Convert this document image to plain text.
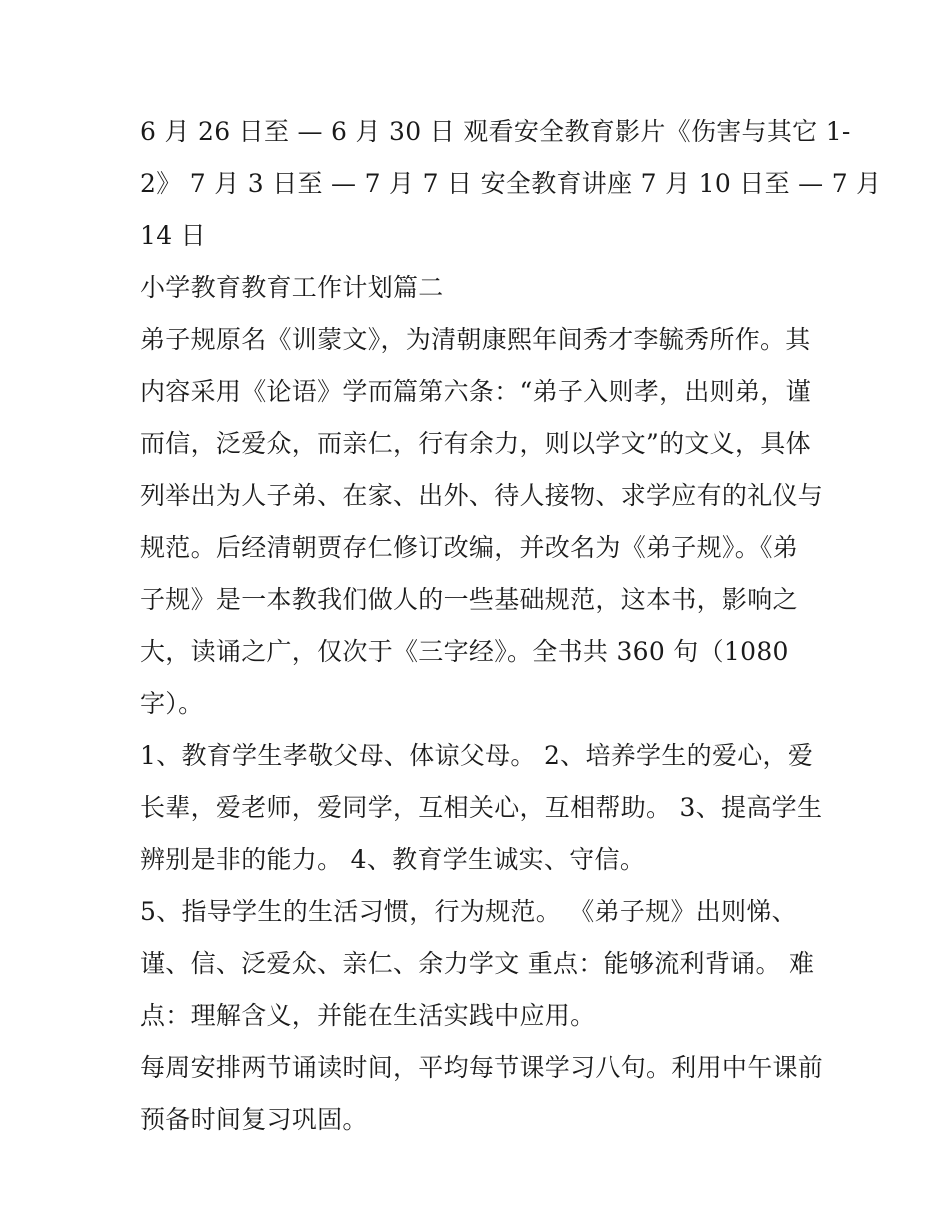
6 月 26 日至 — 6 月 30 日 观看安全教育影片《伤害与其它 1-
2》 7 月 3 日至 — 7 月 7 日 安全教育讲座 7 月 10 日至 — 7 月
14 日

小学教育教育工作计划篇二

弟子规原名《训蒙文》，为清朝康熙年间秀才李毓秀所作。其
内容采用《论语》学而篇第六条：“弟子入则孝，出则弟，谨
而信，泛爱众，而亲仁，行有余力，则以学文”的文义，具体
列举出为人子弟、在家、出外、待人接物、求学应有的礼仪与
规范。后经清朝贾存仁修订改编，并改名为《弟子规》。《弟
子规》是一本教我们做人的一些基础规范，这本书，影响之
大，读诵之广，仅次于《三字经》。全书共 360 句（1080
字）。

1、教育学生孝敬父母、体谅父母。 2、培养学生的爱心，爱
长辈，爱老师，爱同学，互相关心，互相帮助。 3、提高学生
辨别是非的能力。 4、教育学生诚实、守信。

5、指导学生的生活习惯，行为规范。 《弟子规》出则悌、
谨、信、泛爱众、亲仁、余力学文 重点：能够流利背诵。 难
点：理解含义，并能在生活实践中应用。

每周安排两节诵读时间，平均每节课学习八句。利用中午课前
预备时间复习巩固。
